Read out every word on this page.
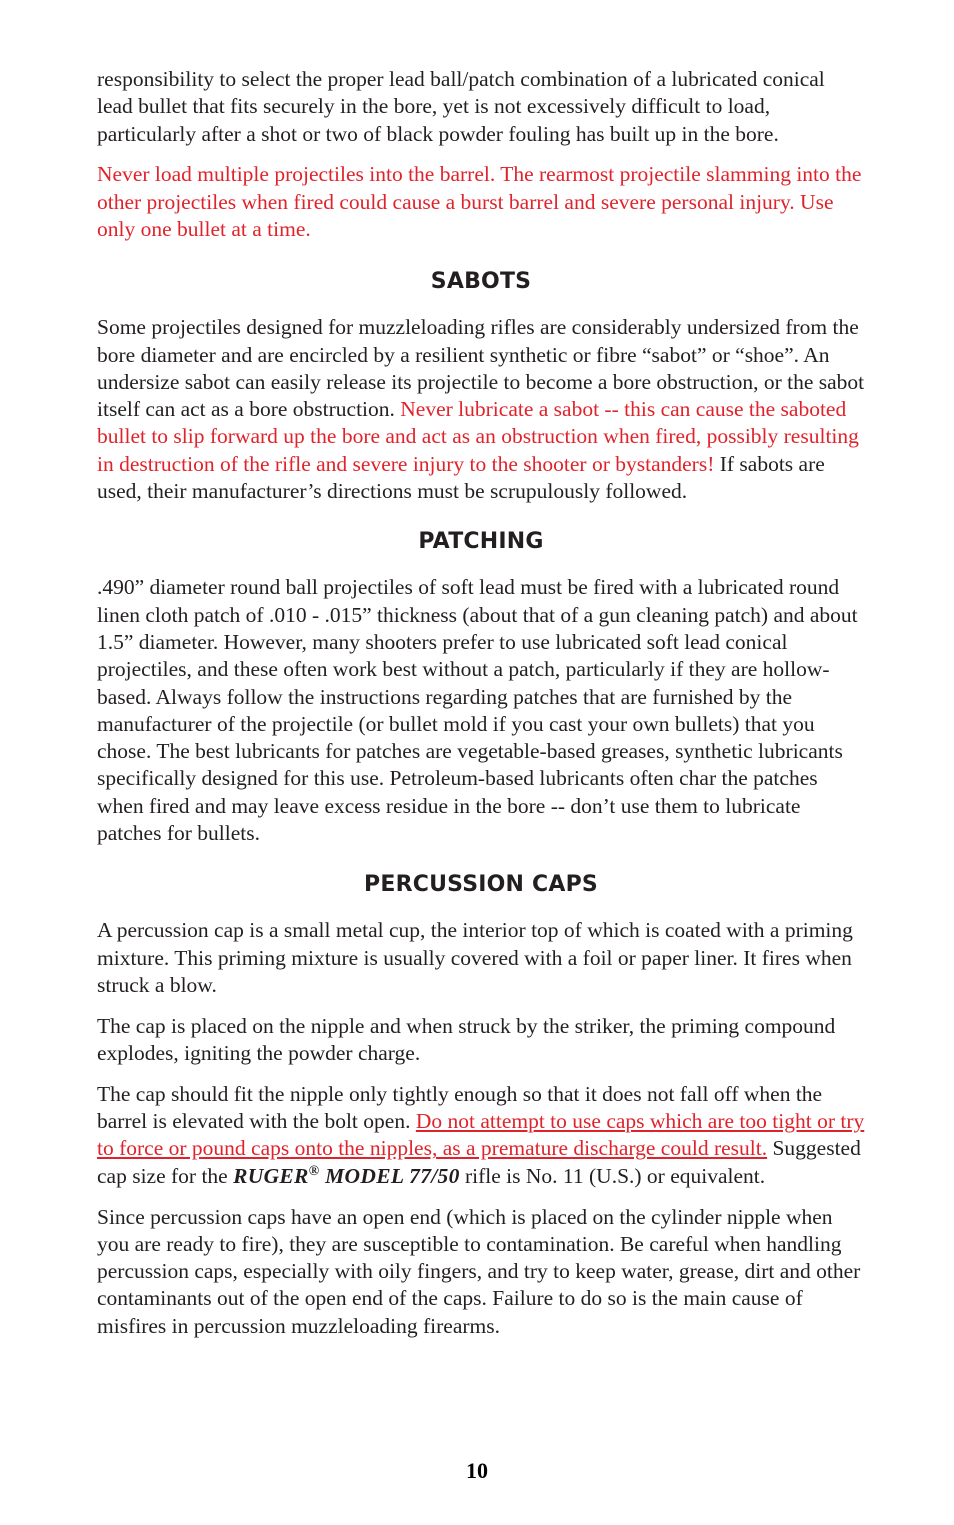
responsibility to select the proper lead ball/patch combination of a lubricated conical lead bullet that fits securely in the bore, yet is not excessively difficult to load, particularly after a shot or two of black powder fouling has built up in the bore.

Never load multiple projectiles into the barrel. The rearmost projectile slamming into the other projectiles when fired could cause a burst barrel and severe personal injury. Use only one bullet at a time.

SABOTS

Some projectiles designed for muzzleloading rifles are considerably undersized from the bore diameter and are encircled by a resilient synthetic or fibre “sabot” or “shoe”. An undersize sabot can easily release its projectile to become a bore obstruction, or the sabot itself can act as a bore obstruction. Never lubricate a sabot -- this can cause the saboted bullet to slip forward up the bore and act as an obstruction when fired, possibly resulting in destruction of the rifle and severe injury to the shooter or bystanders! If sabots are used, their manufacturer’s directions must be scrupulously followed.

PATCHING

.490” diameter round ball projectiles of soft lead must be fired with a lubricated round linen cloth patch of .010 - .015” thickness (about that of a gun cleaning patch) and about 1.5” diameter. However, many shooters prefer to use lubricated soft lead conical projectiles, and these often work best without a patch, particularly if they are hollow-based. Always follow the instructions regarding patches that are furnished by the manufacturer of the projectile (or bullet mold if you cast your own bullets) that you chose. The best lubricants for patches are vegetable-based greases, synthetic lubricants specifically designed for this use. Petroleum-based lubricants often char the patches when fired and may leave excess residue in the bore -- don’t use them to lubricate patches for bullets.

PERCUSSION CAPS

A percussion cap is a small metal cup, the interior top of which is coated with a priming mixture. This priming mixture is usually covered with a foil or paper liner. It fires when struck a blow.

The cap is placed on the nipple and when struck by the striker, the priming compound explodes, igniting the powder charge.

The cap should fit the nipple only tightly enough so that it does not fall off when the barrel is elevated with the bolt open. Do not attempt to use caps which are too tight or try to force or pound caps onto the nipples, as a premature discharge could result. Suggested cap size for the RUGER® MODEL 77/50 rifle is No. 11 (U.S.) or equivalent.

Since percussion caps have an open end (which is placed on the cylinder nipple when you are ready to fire), they are susceptible to contamination. Be careful when handling percussion caps, especially with oily fingers, and try to keep water, grease, dirt and other contaminants out of the open end of the caps. Failure to do so is the main cause of misfires in percussion muzzleloading firearms.

10
